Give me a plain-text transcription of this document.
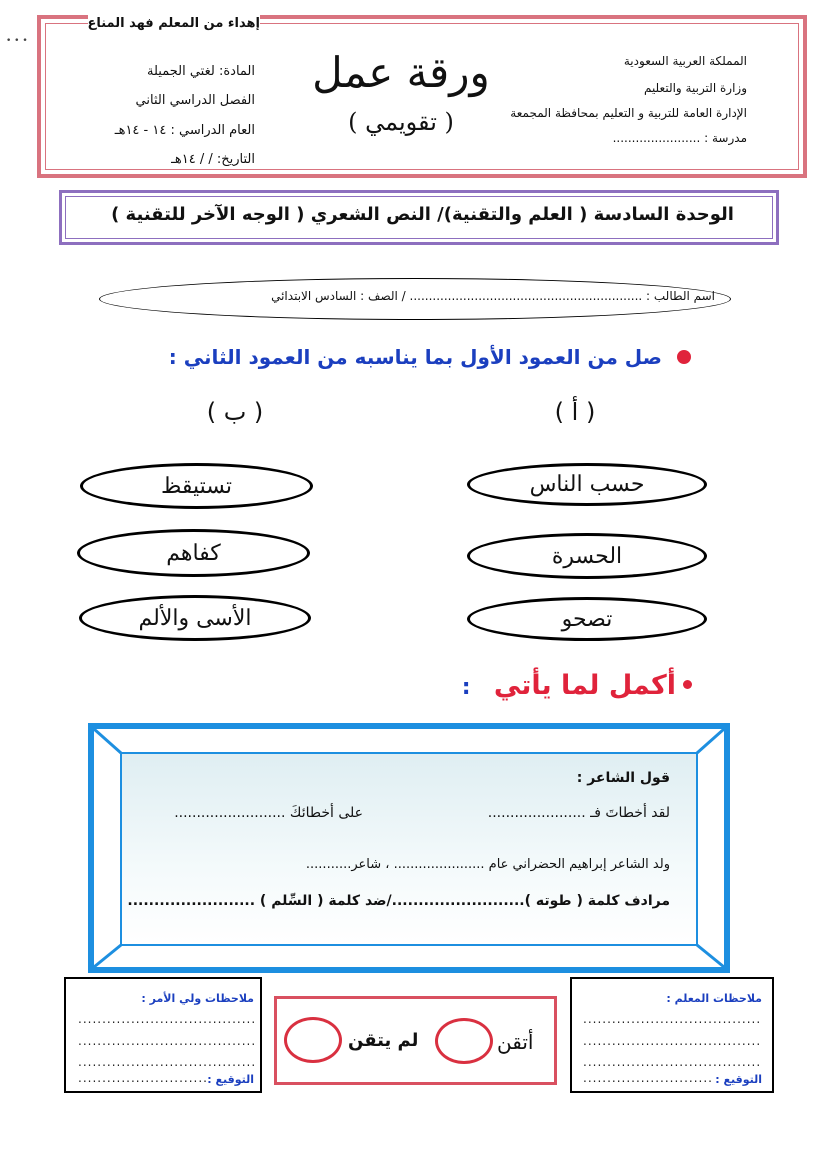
• • •
إهداء من المعلم فهد المناع
المادة: لغتي الجميلة
الفصل الدراسي الثاني
العام الدراسي : ١٤ - ١٤هـ
التاريخ: / / ١٤هـ
ورقة عمل
( تقويمي )
المملكة العربية السعودية
وزارة التربية والتعليم
الإدارة العامة للتربية و التعليم بمحافظة المجمعة
مدرسة : .......................
الوحدة السادسة ( العلم والتقنية)/ النص الشعري ( الوجه الآخر للتقنية )
اسم الطالب : ............................................................. / الصف : السادس الابتدائي
صل من العمود الأول بما يناسبه من العمود الثاني :
( أ )
( ب )
حسب الناس
الحسرة
تصحو
تستيقظ
كفاهم
الأسى والألم
أكمل لما يأتي :
قول الشاعر :
لقد أخطاتَ فـ ......................
على أخطائكَ .........................
ولد الشاعر إبراهيم الحضراني عام ...................... ، شاعر...........
مرادف كلمة ( طوته )........................./ضد كلمة ( السِّلم ) ........................
ملاحظات ولي الأمر :
.....................................
.....................................
.....................................
التوقيع :
...........................
أتقن
لم يتقن
ملاحظات المعلم :
.....................................
.....................................
.....................................
التوقيع :
...........................
